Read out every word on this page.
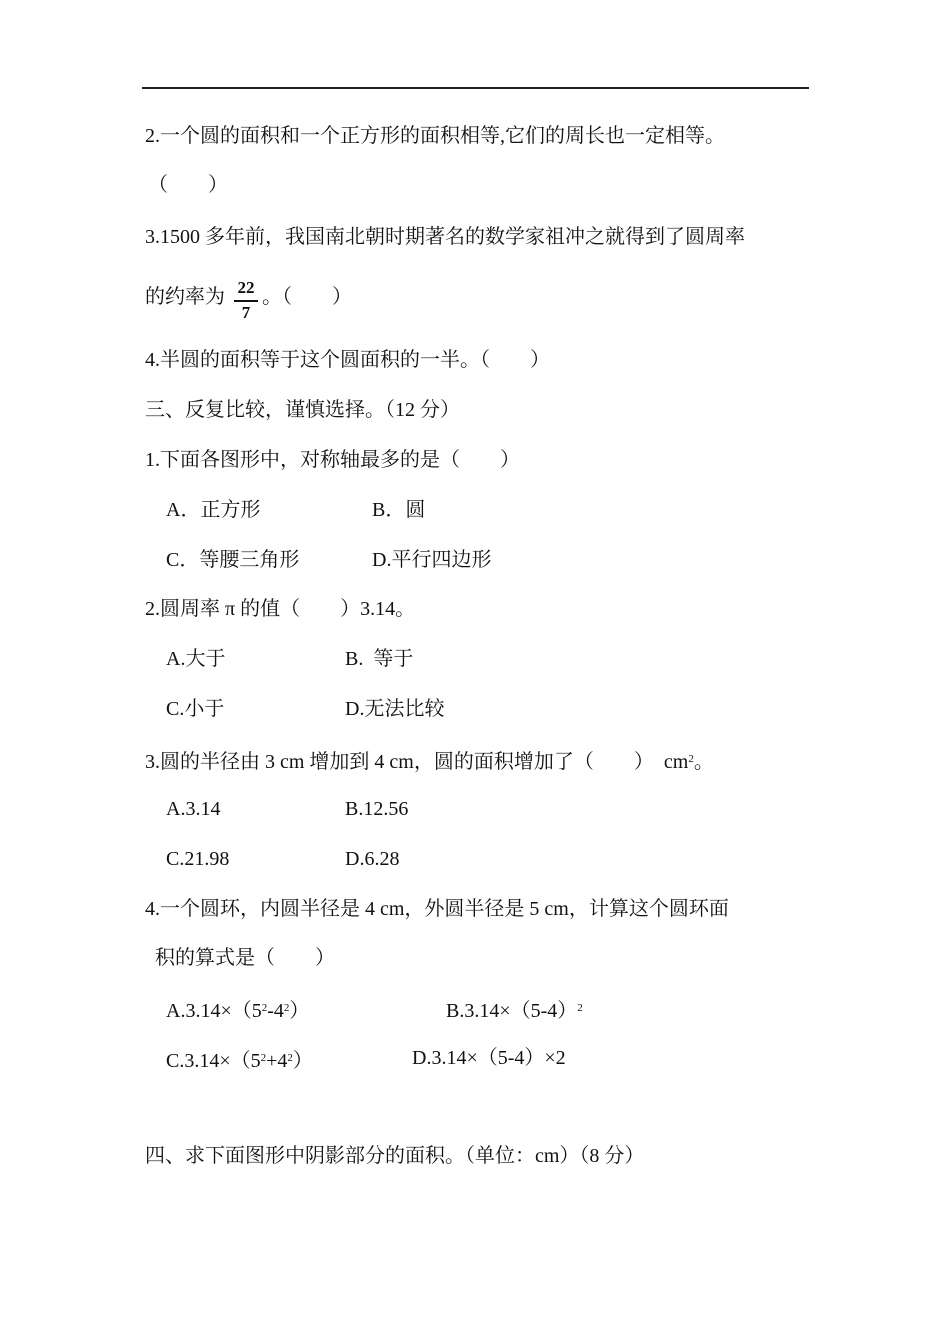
2.一个圆的面积和一个正方形的面积相等,它们的周长也一定相等。
（　　）
3.1500 多年前，我国南北朝时期著名的数学家祖冲之就得到了圆周率
的约率为 22
7
。（　　）
4.半圆的面积等于这个圆面积的一半。（　　）
三、反复比较，谨慎选择。（12 分）
1.下面各图形中，对称轴最多的是（　　）
A．正方形	B．圆
C．等腰三角形	D.平行四边形
2.圆周率 π 的值（　　）3.14。
A.大于	B.  等于
C.小于	D.无法比较
3.圆的半径由 3 cm 增加到 4 cm，圆的面积增加了（　　）  $cm^2$。
A.3.14	B.12.56
C.21.98	D.6.28
4.一个圆环，内圆半径是 4 cm，外圆半径是 5 cm，计算这个圆环面
积的算式是（　　）
$A.3.14\times(5^2-4^2)$	$B.3.14\times(5-4)^2$
$C.3.14\times(5^2+4^2)$	D.3.14×（5-4）×2
四、求下面图形中阴影部分的面积。（单位：cm）（8 分）
